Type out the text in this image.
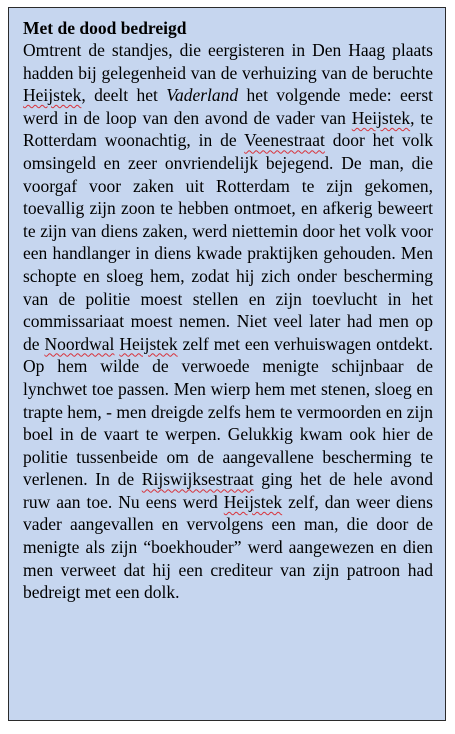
Met de dood bedreigd

Omtrent de standjes, die eergisteren in Den Haag plaats hadden bij gelegenheid van de verhuizing van de beruchte Heijstek, deelt het Vaderland het volgende mede: eerst werd in de loop van den avond de vader van Heijstek, te Rotterdam woonachtig, in de Veenestraat door het volk omsingeld en zeer onvriendelijk bejegend. De man, die voorgaf voor zaken uit Rotterdam te zijn gekomen, toevallig zijn zoon te hebben ontmoet, en afkerig beweert te zijn van diens zaken, werd niettemin door het volk voor een handlanger in diens kwade praktijken gehouden. Men schopte en sloeg hem, zodat hij zich onder bescherming van de politie moest stellen en zijn toevlucht in het commissariaat moest nemen. Niet veel later had men op de Noordwal Heijstek zelf met een verhuiswagen ontdekt. Op hem wilde de verwoede menigte schijnbaar de lynchwet toe passen. Men wierp hem met stenen, sloeg en trapte hem, - men dreigde zelfs hem te vermoorden en zijn boel in de vaart te werpen. Gelukkig kwam ook hier de politie tussenbeide om de aangevallene bescherming te verlenen. In de Rijswijksestraat ging het de hele avond ruw aan toe. Nu eens werd Heijstek zelf, dan weer diens vader aangevallen en vervolgens een man, die door de menigte als zijn “boekhouder” werd aangewezen en dien men verweet dat hij een crediteur van zijn patroon had bedreigt met een dolk.
